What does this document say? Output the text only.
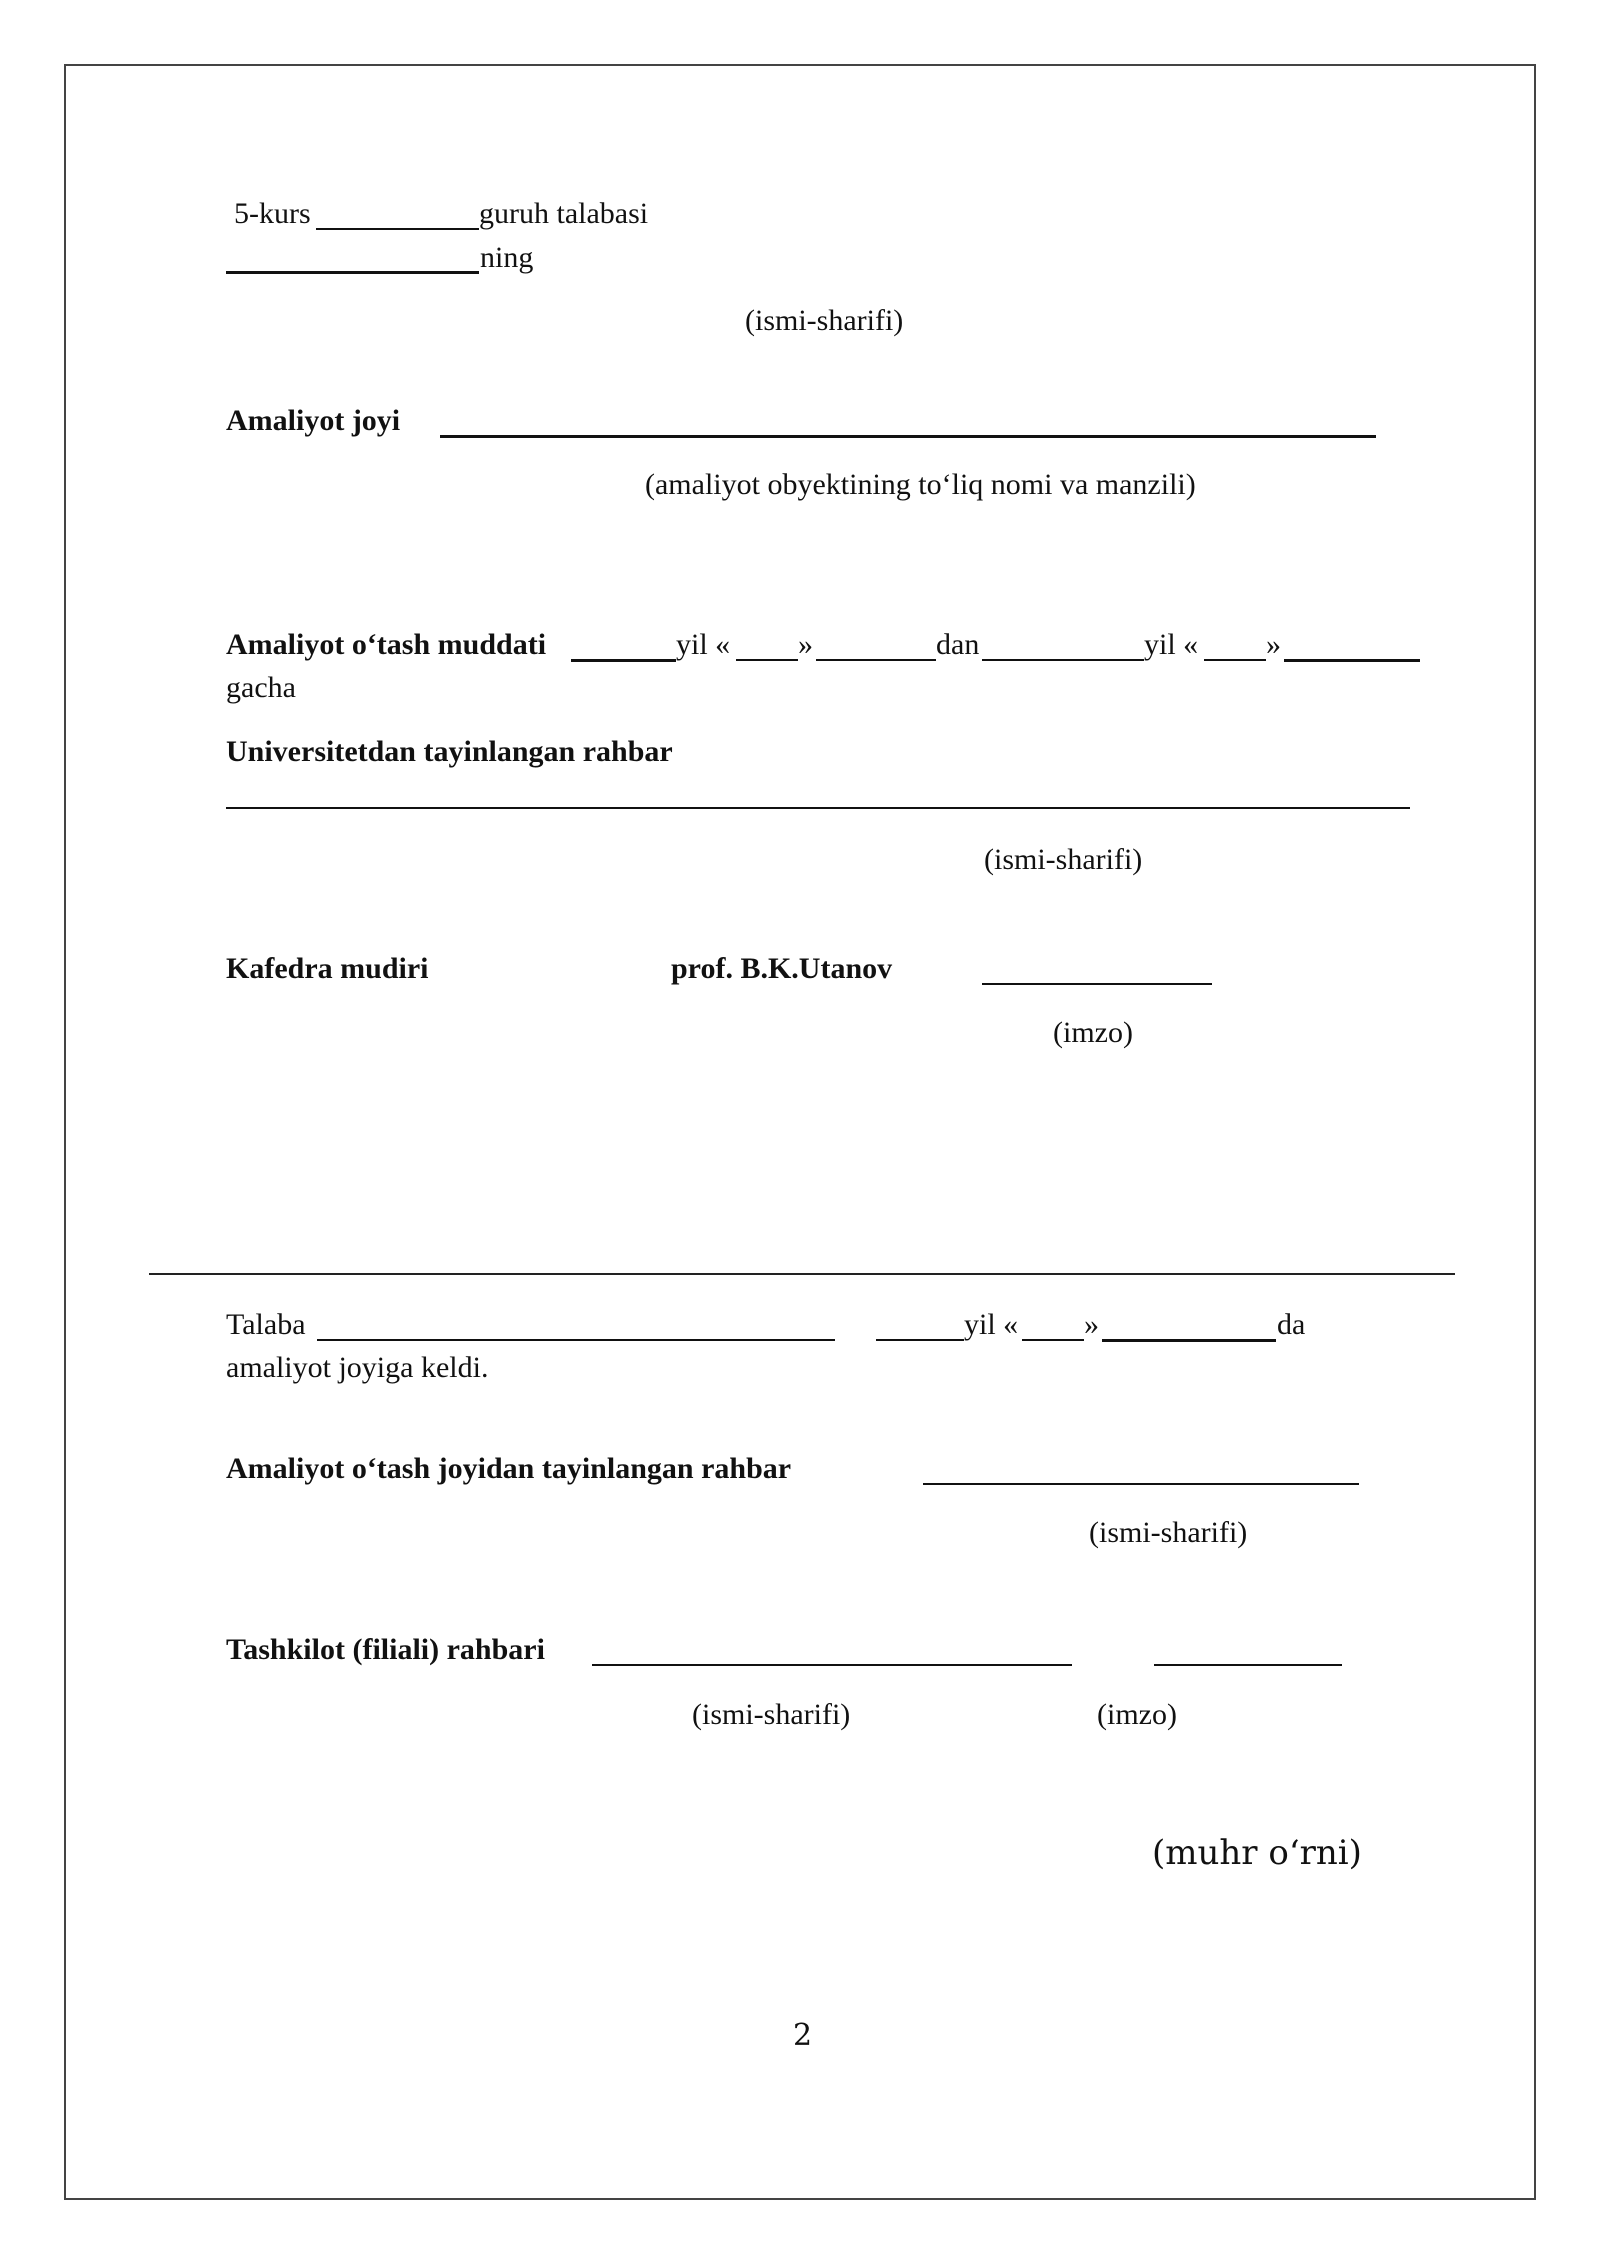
5-kurs	guruh talabasi
ning
(ismi-sharifi)
Amaliyot joyi
(amaliyot obyektining to‘liq nomi va manzili)
Amaliyot o‘tash muddati	yil « »	dan	yil « »
gacha
Universitetdan tayinlangan rahbar
(ismi-sharifi)
Kafedra mudiri	prof. B.K.Utanov
(imzo)
Talaba	yil « »	da
amaliyot joyiga keldi.
Amaliyot o‘tash joyidan tayinlangan rahbar
(ismi-sharifi)
Tashkilot (filiali) rahbari
(ismi-sharifi)	(imzo)
(muhr o‘rni)
2
